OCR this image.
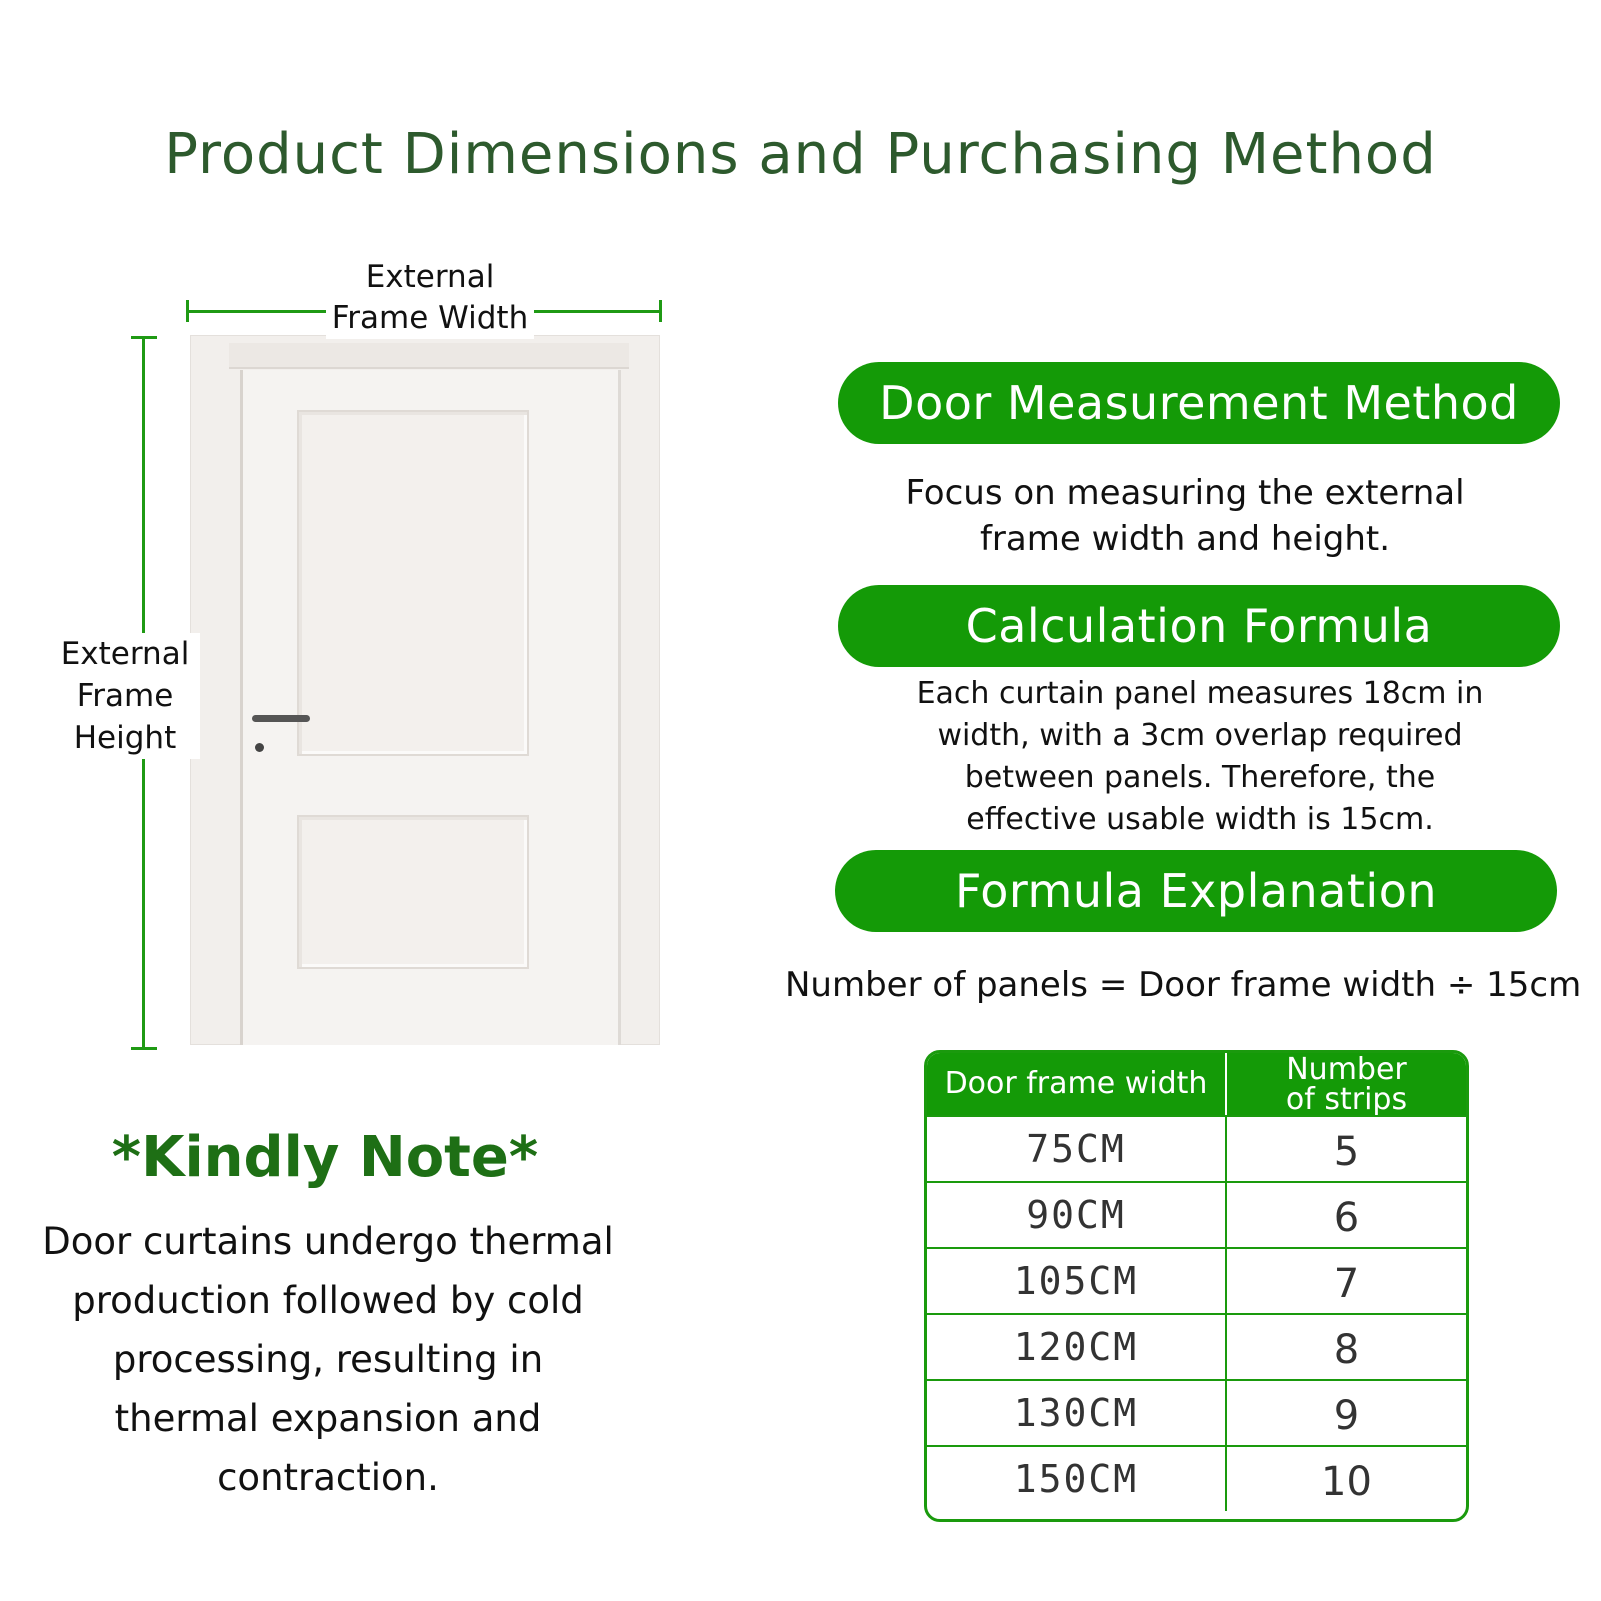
Product Dimensions and Purchasing Method
External
Frame Width
External
Frame
Height
*Kindly Note*
Door curtains undergo thermal
production followed by cold
processing, resulting in
thermal expansion and
contraction.
Door Measurement Method
Focus on measuring the external
frame width and height.
Calculation Formula
Each curtain panel measures 18cm in
width, with a 3cm overlap required
between panels. Therefore, the
effective usable width is 15cm.
Formula Explanation
Number of panels = Door frame width ÷ 15cm
Door frame width	Number
of strips
75CM	5
90CM	6
105CM	7
120CM	8
130CM	9
150CM	10
